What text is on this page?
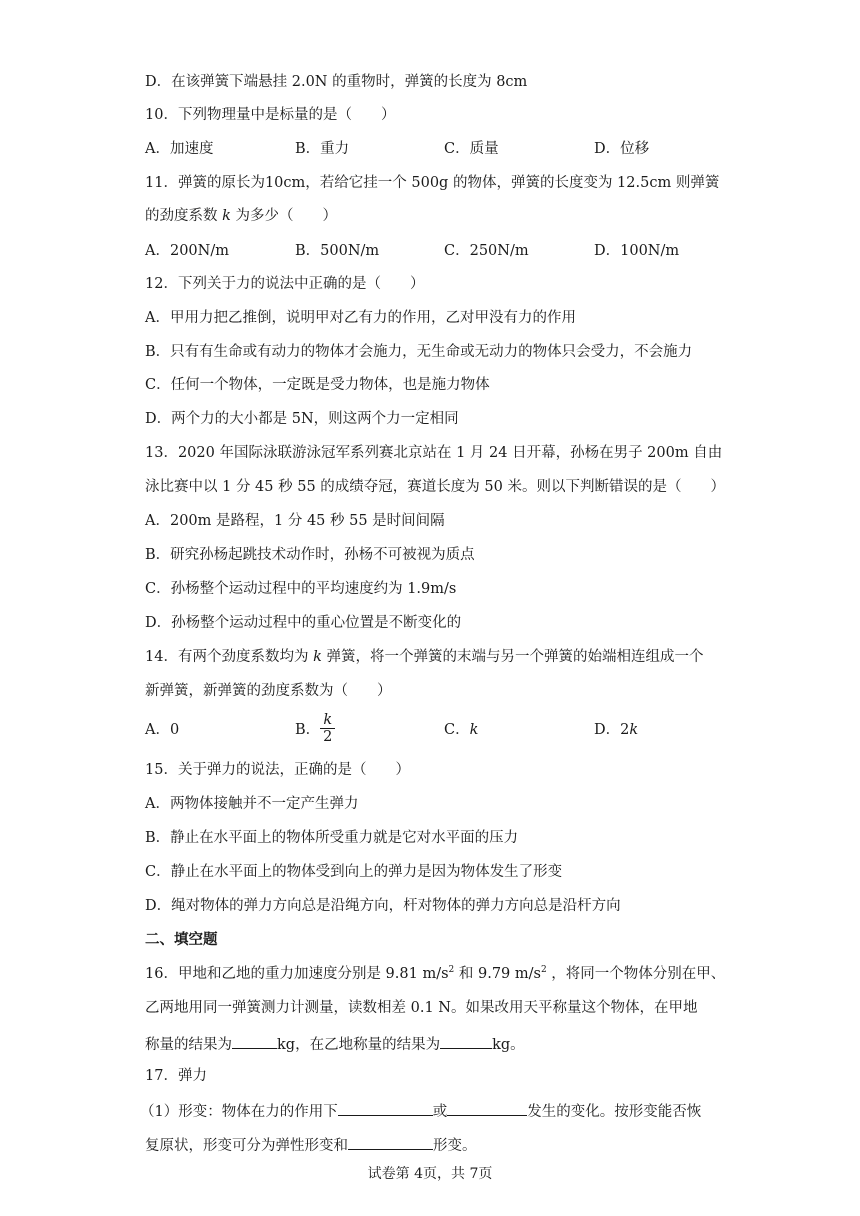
D．在该弹簧下端悬挂 2.0N 的重物时，弹簧的长度为 8cm
10．下列物理量中是标量的是（　　）
A．加速度	B．重力	C．质量	D．位移
11．弹簧的原长为10cm，若给它挂一个 500g 的物体，弹簧的长度变为 12.5cm 则弹簧
的劲度系数 k 为多少（　　）
A．200N/m	B．500N/m	C．250N/m	D．100N/m
12．下列关于力的说法中正确的是（　　）
A．甲用力把乙推倒，说明甲对乙有力的作用，乙对甲没有力的作用
B．只有有生命或有动力的物体才会施力，无生命或无动力的物体只会受力，不会施力
C．任何一个物体，一定既是受力物体，也是施力物体
D．两个力的大小都是 5N，则这两个力一定相同
13．2020 年国际泳联游泳冠军系列赛北京站在 1 月 24 日开幕，孙杨在男子 200m 自由
泳比赛中以 1 分 45 秒 55 的成绩夺冠，赛道长度为 50 米。则以下判断错误的是（　　）
A．200m 是路程，1 分 45 秒 55 是时间间隔
B．研究孙杨起跳技术动作时，孙杨不可被视为质点
C．孙杨整个运动过程中的平均速度约为 1.9m/s
D．孙杨整个运动过程中的重心位置是不断变化的
14．有两个劲度系数均为 k 弹簧，将一个弹簧的末端与另一个弹簧的始端相连组成一个
新弹簧，新弹簧的劲度系数为（　　）
A．0	B． $\frac{k}{2}$	C．k	D．2k
15．关于弹力的说法，正确的是（　　）
A．两物体接触并不一定产生弹力
B．静止在水平面上的物体所受重力就是它对水平面的压力
C．静止在水平面上的物体受到向上的弹力是因为物体发生了形变
D．绳对物体的弹力方向总是沿绳方向，杆对物体的弹力方向总是沿杆方向
二、填空题
16．甲地和乙地的重力加速度分别是 9.81 $m/s^2$ 和 9.79 $m/s^2$ ，将同一个物体分别在甲、
乙两地用同一弹簧测力计测量，读数相差 0.1 N。如果改用天平称量这个物体，在甲地
称量的结果为	kg，在乙地称量的结果为	kg。
17．弹力
（1）形变：物体在力的作用下	或	发生的变化。按形变能否恢
复原状，形变可分为弹性形变和	形变。
试卷第 4页，共 7页
